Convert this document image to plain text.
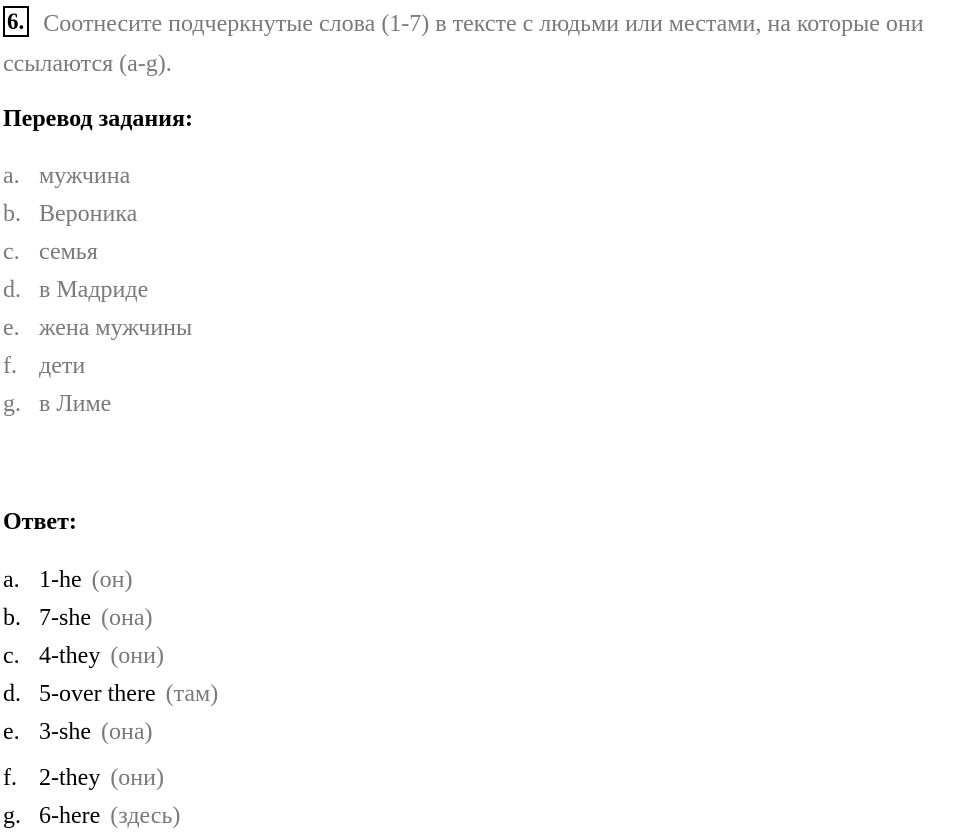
6. Соотнесите подчеркнутые слова (1-7) в тексте с людьми или местами, на которые они ссылаются (a-g).
Перевод задания:
a. мужчина
b. Вероника
c. семья
d. в Мадриде
e. жена мужчины
f. дети
g. в Лиме
Ответ:
a. 1-he (он)
b. 7-she (она)
c. 4-they (они)
d. 5-over there (там)
e. 3-she (она)
f. 2-they (они)
g. 6-here (здесь)
